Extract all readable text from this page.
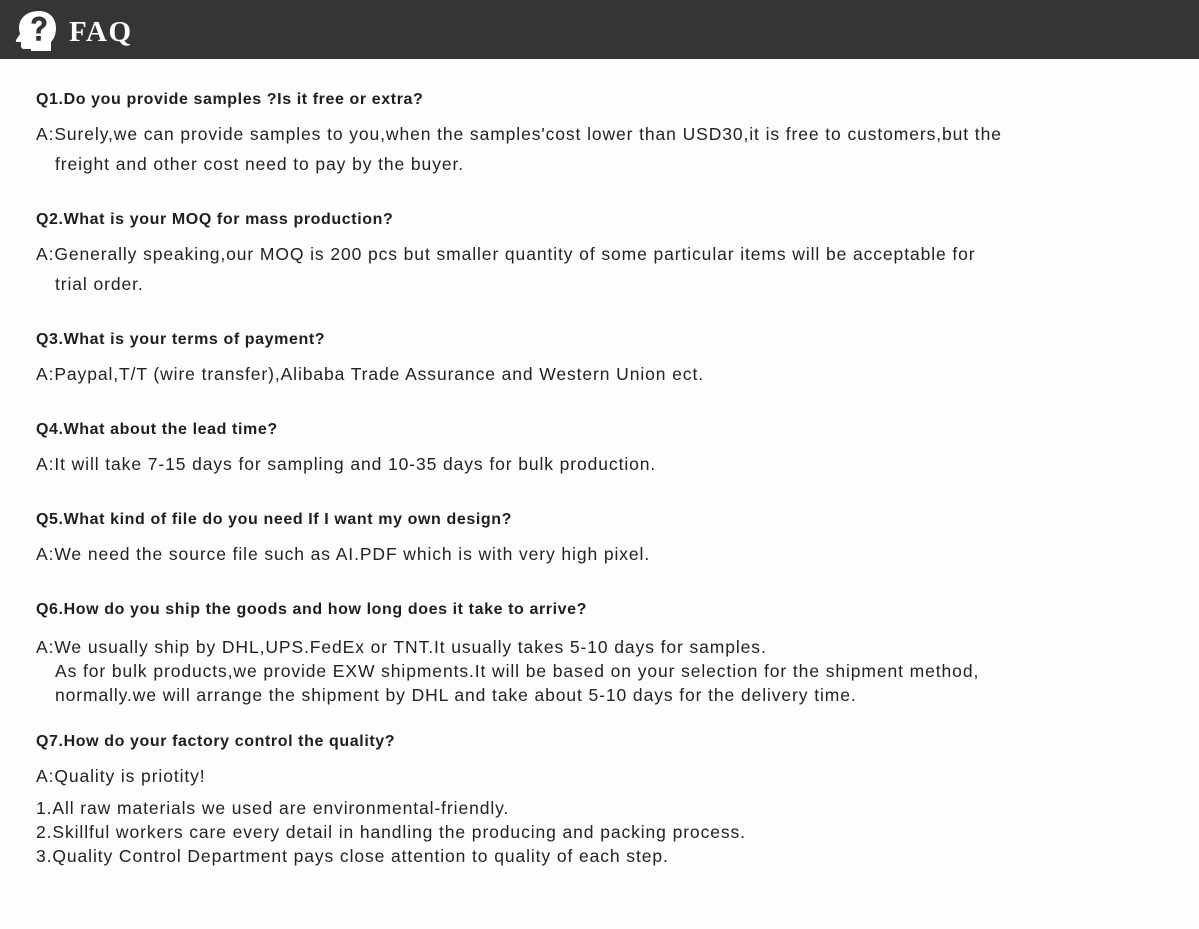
FAQ
Q1.Do you provide samples ?Is it free or extra?
A:Surely,we can provide samples to you,when the samples'cost lower than USD30,it is free to customers,but the
freight and other cost need to pay by the buyer.
Q2.What is your MOQ for mass production?
A:Generally speaking,our MOQ is 200 pcs but smaller quantity of some particular items will be acceptable for
trial order.
Q3.What is your terms of payment?
A:Paypal,T/T (wire transfer),Alibaba Trade Assurance and Western Union ect.
Q4.What about the lead time?
A:It will take 7-15 days for sampling and 10-35 days for bulk production.
Q5.What kind of file do you need If I want my own design?
A:We need the source file such as AI.PDF which is with very high pixel.
Q6.How do you ship the goods and how long does it take to arrive?
A:We usually ship by DHL,UPS.FedEx or TNT.It usually takes 5-10 days for samples.
As for bulk products,we provide EXW shipments.It will be based on your selection for the shipment method,
normally.we will arrange the shipment by DHL and take about 5-10 days for the delivery time.
Q7.How do your factory control the quality?
A:Quality is priotity!
1.All raw materials we used are environmental-friendly.
2.Skillful workers care every detail in handling the producing and packing process.
3.Quality Control Department pays close attention to quality of each step.
